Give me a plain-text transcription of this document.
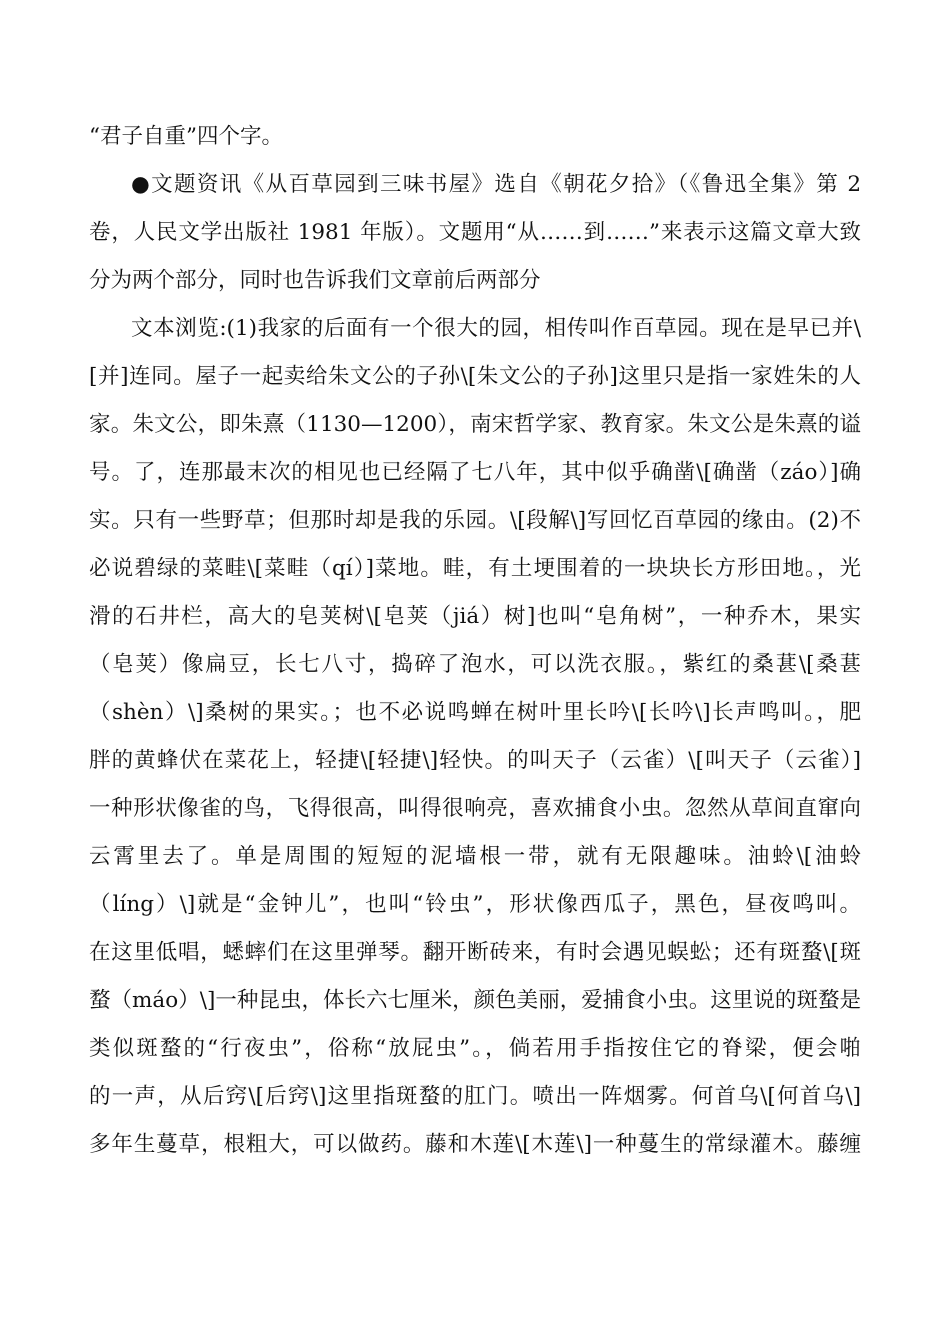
“君子自重”四个字。
●文题资讯《从百草园到三味书屋》选自《朝花夕拾》（《鲁迅全集》第 2
卷，人民文学出版社 1981 年版）。文题用“从……到……”来表示这篇文章大致
分为两个部分，同时也告诉我们文章前后两部分
文本浏览:(1)我家的后面有一个很大的园，相传叫作百草园。现在是早已并\
[并]连同。屋子一起卖给朱文公的子孙\[朱文公的子孙]这里只是指一家姓朱的人
家。朱文公，即朱熹（1130—1200），南宋哲学家、教育家。朱文公是朱熹的谥
号。了，连那最末次的相见也已经隔了七八年，其中似乎确凿\[确凿（záo）]确
实。只有一些野草；但那时却是我的乐园。\[段解\]写回忆百草园的缘由。(2)不
必说碧绿的菜畦\[菜畦（qí）]菜地。畦，有土埂围着的一块块长方形田地。，光
滑的石井栏，高大的皂荚树\[皂荚（jiá）树]也叫“皂角树”，一种乔木，果实
（皂荚）像扁豆，长七八寸，捣碎了泡水，可以洗衣服。，紫红的桑葚\[桑葚
（shèn）\]桑树的果实。；也不必说鸣蝉在树叶里长吟\[长吟\]长声鸣叫。，肥
胖的黄蜂伏在菜花上，轻捷\[轻捷\]轻快。的叫天子（云雀）\[叫天子（云雀）]
一种形状像雀的鸟，飞得很高，叫得很响亮，喜欢捕食小虫。忽然从草间直窜向
云霄里去了。单是周围的短短的泥墙根一带，就有无限趣味。油蛉\[油蛉
（líng）\]就是“金钟儿”，也叫“铃虫”，形状像西瓜子，黑色，昼夜鸣叫。
在这里低唱，蟋蟀们在这里弹琴。翻开断砖来，有时会遇见蜈蚣；还有斑蝥\[斑
蝥（máo）\]一种昆虫，体长六七厘米，颜色美丽，爱捕食小虫。这里说的斑蝥是
类似斑蝥的“行夜虫”，俗称“放屁虫”。，倘若用手指按住它的脊梁，便会啪
的一声，从后窍\[后窍\]这里指斑蝥的肛门。喷出一阵烟雾。何首乌\[何首乌\]
多年生蔓草，根粗大，可以做药。藤和木莲\[木莲\]一种蔓生的常绿灌木。藤缠
